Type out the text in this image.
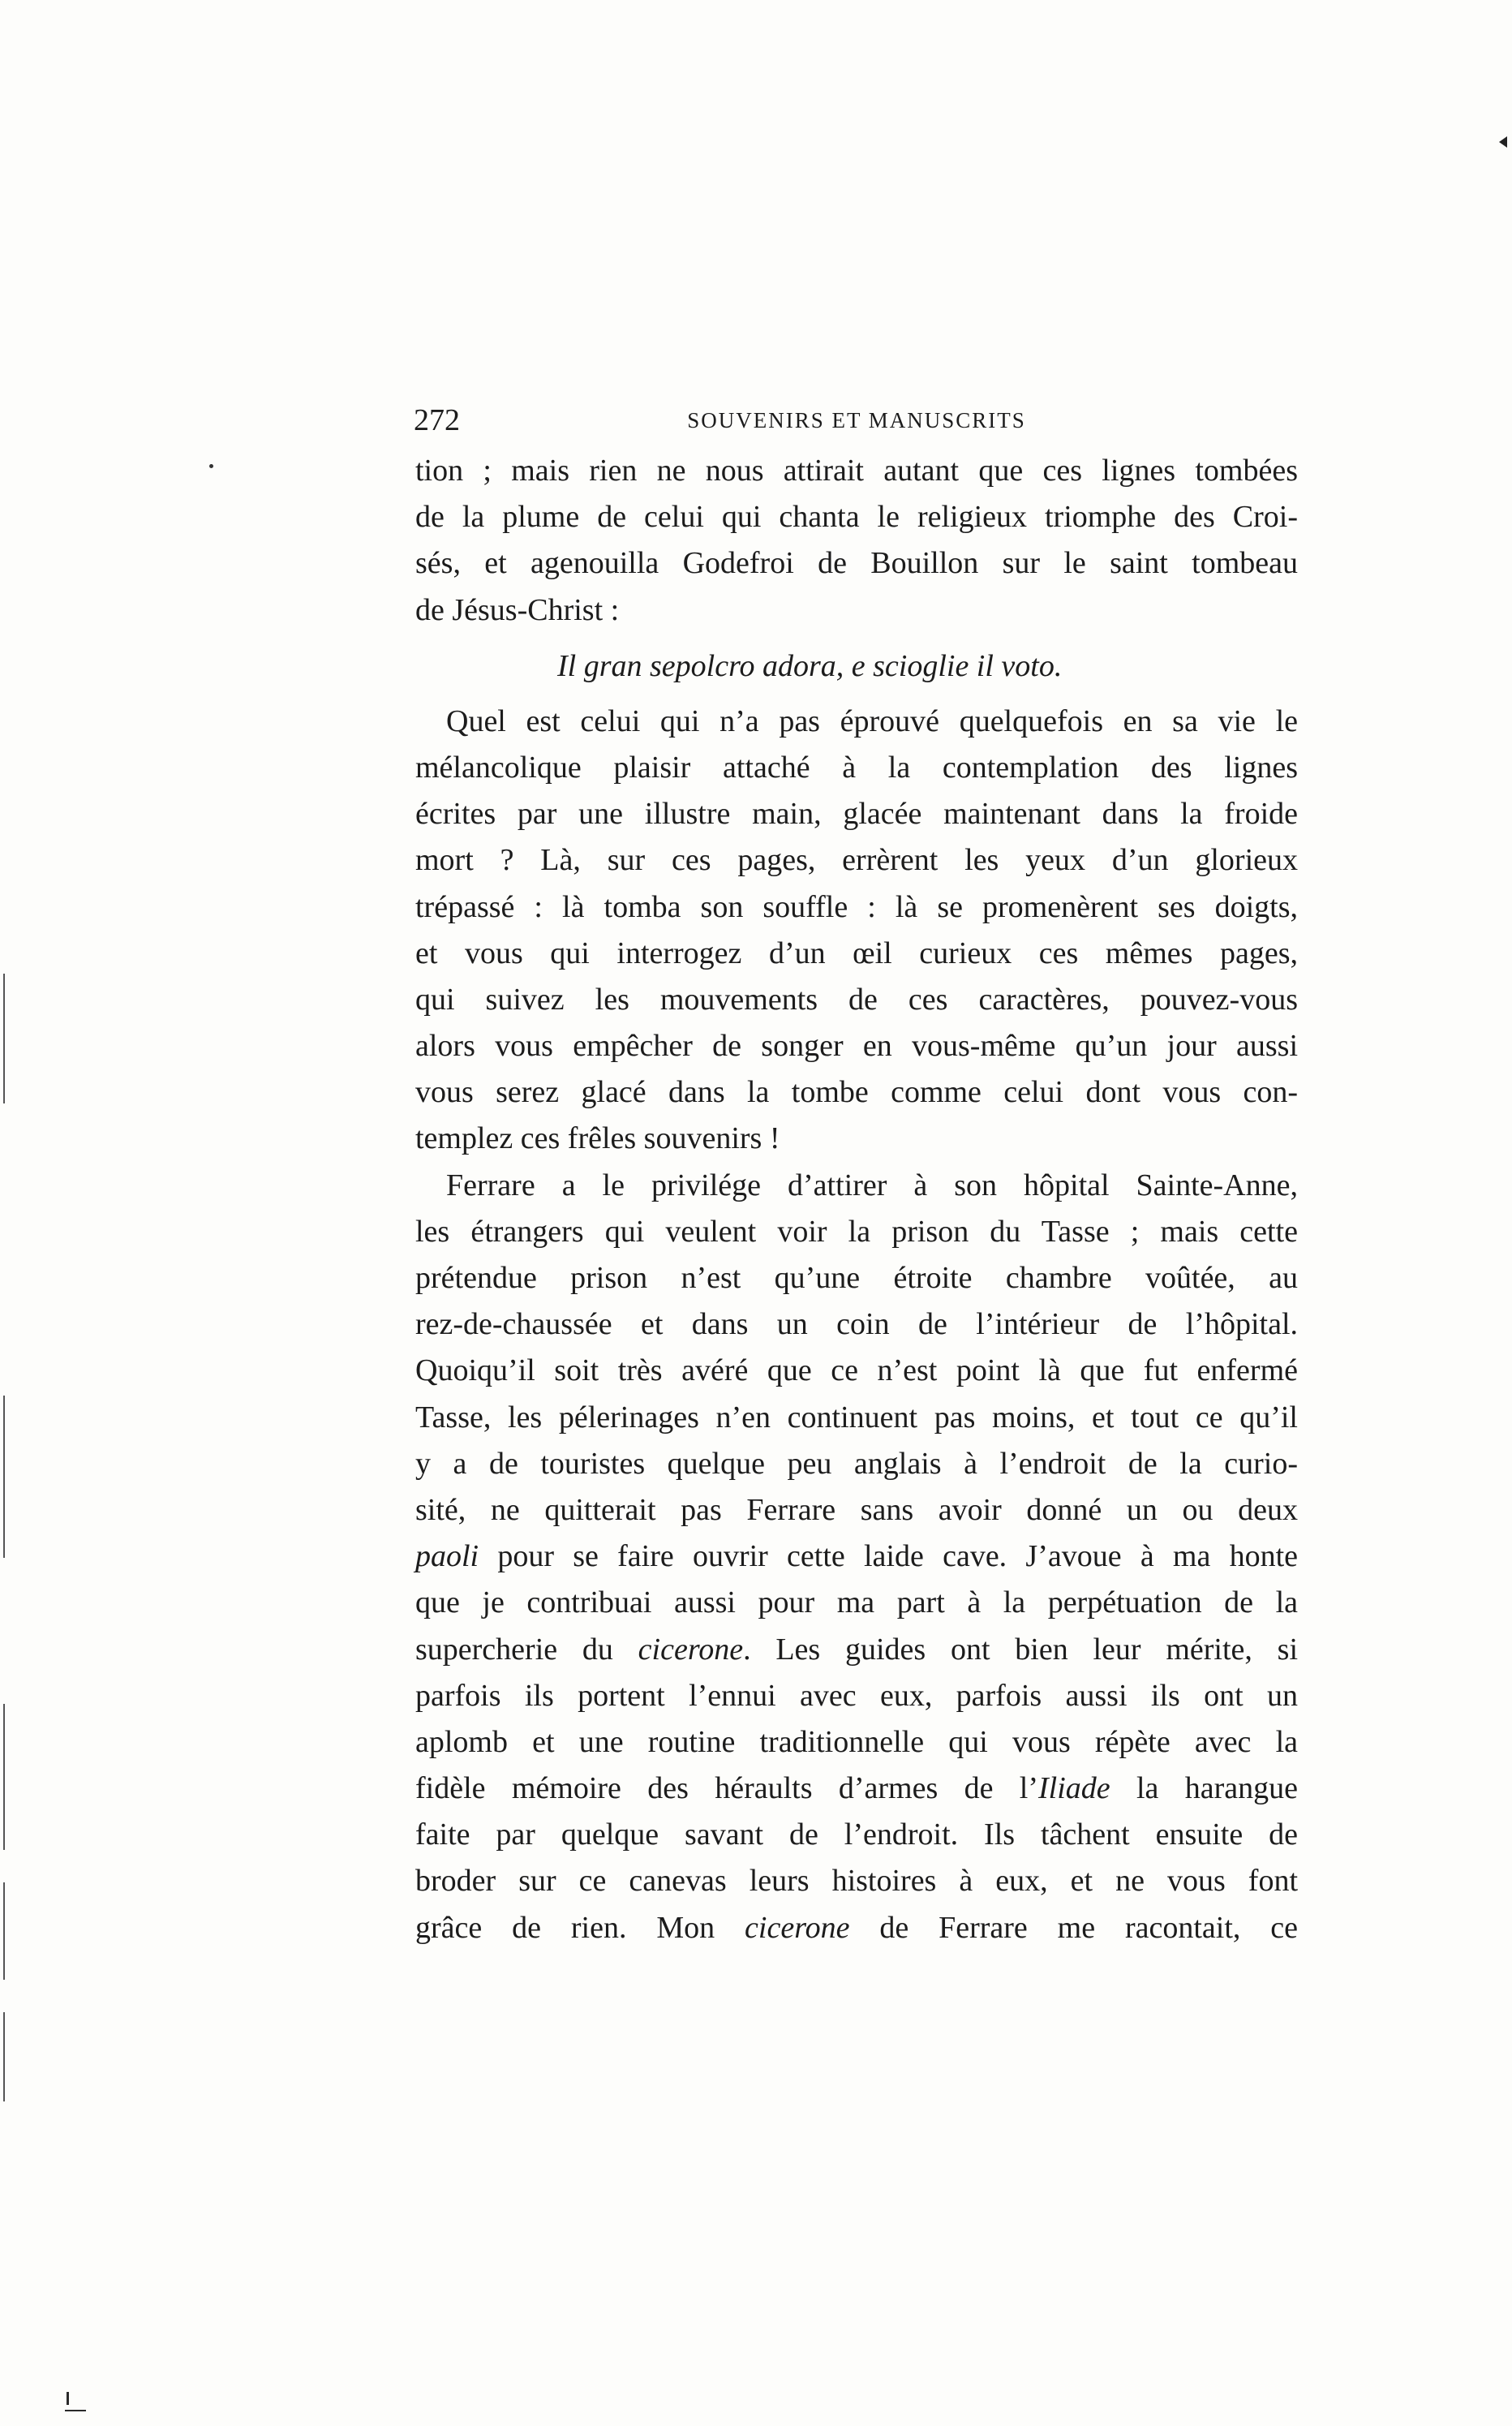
272	SOUVENIRS ET MANUSCRITS
tion ; mais rien ne nous attirait autant que ces lignes tombées
de la plume de celui qui chanta le religieux triomphe des Croi-
sés, et agenouilla Godefroi de Bouillon sur le saint tombeau
de Jésus-Christ :
Il gran sepolcro adora, e scioglie il voto.
Quel est celui qui n’a pas éprouvé quelquefois en sa vie le
mélancolique plaisir attaché à la contemplation des lignes
écrites par une illustre main, glacée maintenant dans la froide
mort ? Là, sur ces pages, errèrent les yeux d’un glorieux
trépassé : là tomba son souffle : là se promenèrent ses doigts,
et vous qui interrogez d’un œil curieux ces mêmes pages,
qui suivez les mouvements de ces caractères, pouvez-vous
alors vous empêcher de songer en vous-même qu’un jour aussi
vous serez glacé dans la tombe comme celui dont vous con-
templez ces frêles souvenirs !
Ferrare a le privilége d’attirer à son hôpital Sainte-Anne,
les étrangers qui veulent voir la prison du Tasse ; mais cette
prétendue prison n’est qu’une étroite chambre voûtée, au
rez-de-chaussée et dans un coin de l’intérieur de l’hôpital.
Quoiqu’il soit très avéré que ce n’est point là que fut enfermé
Tasse, les pélerinages n’en continuent pas moins, et tout ce qu’il
y a de touristes quelque peu anglais à l’endroit de la curio-
sité, ne quitterait pas Ferrare sans avoir donné un ou deux
paoli pour se faire ouvrir cette laide cave. J’avoue à ma honte
que je contribuai aussi pour ma part à la perpétuation de la
supercherie du cicerone. Les guides ont bien leur mérite, si
parfois ils portent l’ennui avec eux, parfois aussi ils ont un
aplomb et une routine traditionnelle qui vous répète avec la
fidèle mémoire des héraults d’armes de l’Iliade la harangue
faite par quelque savant de l’endroit. Ils tâchent ensuite de
broder sur ce canevas leurs histoires à eux, et ne vous font
grâce de rien. Mon cicerone de Ferrare me racontait, ce
